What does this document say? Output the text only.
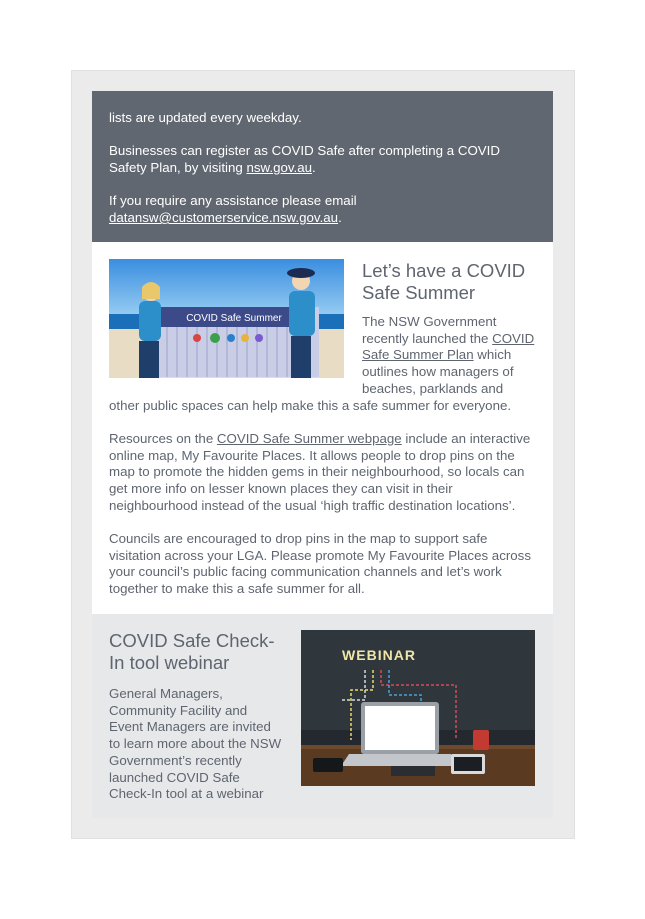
lists are updated every weekday.

Businesses can register as COVID Safe after completing a COVID Safety Plan, by visiting nsw.gov.au.

If you require any assistance please email
datansw@customerservice.nsw.gov.au.

COVID Safe Summer
Let’s have a COVID
Safe Summer

The NSW Government
recently launched the COVID
Safe Summer Plan which
outlines how managers of
beaches, parklands and

other public spaces can help make this a safe summer for everyone.

Resources on the COVID Safe Summer webpage include an interactive online map, My Favourite Places. It allows people to drop pins on the map to promote the hidden gems in their neighbourhood, so locals can get more info on lesser known places they can visit in their neighbourhood instead of the usual ‘high traffic destination locations’.

Councils are encouraged to drop pins in the map to support safe visitation across your LGA. Please promote My Favourite Places across your council’s public facing communication channels and let’s work together to make this a safe summer for all.

COVID Safe Check-
In tool webinar

General Managers, Community Facility and Event Managers are invited to learn more about the NSW Government’s recently launched COVID Safe Check-In tool at a webinar

WEBINAR
